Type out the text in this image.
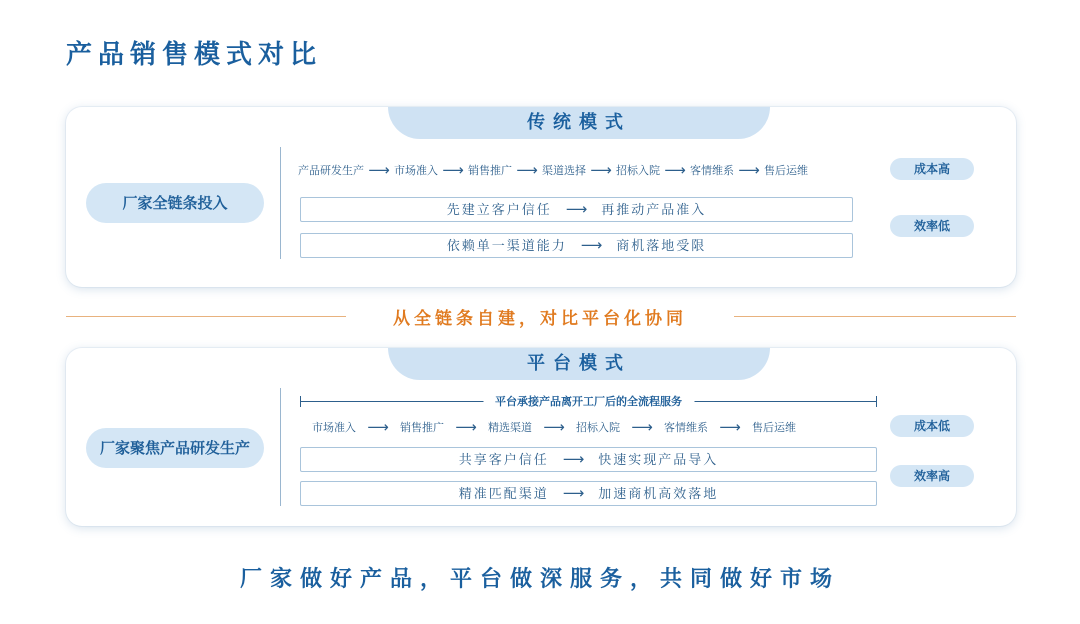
产品销售模式对比
传统模式
厂家全链条投入
产品研发生产 ⟶ 市场准入 ⟶ 销售推广 ⟶ 渠道选择 ⟶ 招标入院 ⟶ 客情维系 ⟶ 售后运维
先建立客户信任 ⟶ 再推动产品准入
依赖单一渠道能力 ⟶ 商机落地受限
成本高
效率低
从全链条自建，对比平台化协同
平台模式
厂家聚焦产品研发生产
平台承接产品离开工厂后的全流程服务
市场准入 ⟶	销售推广 ⟶	精选渠道 ⟶	招标入院 ⟶	客情维系 ⟶	售后运维
共享客户信任 ⟶ 快速实现产品导入
精准匹配渠道 ⟶ 加速商机高效落地
成本低
效率高
厂家做好产品，平台做深服务，共同做好市场
